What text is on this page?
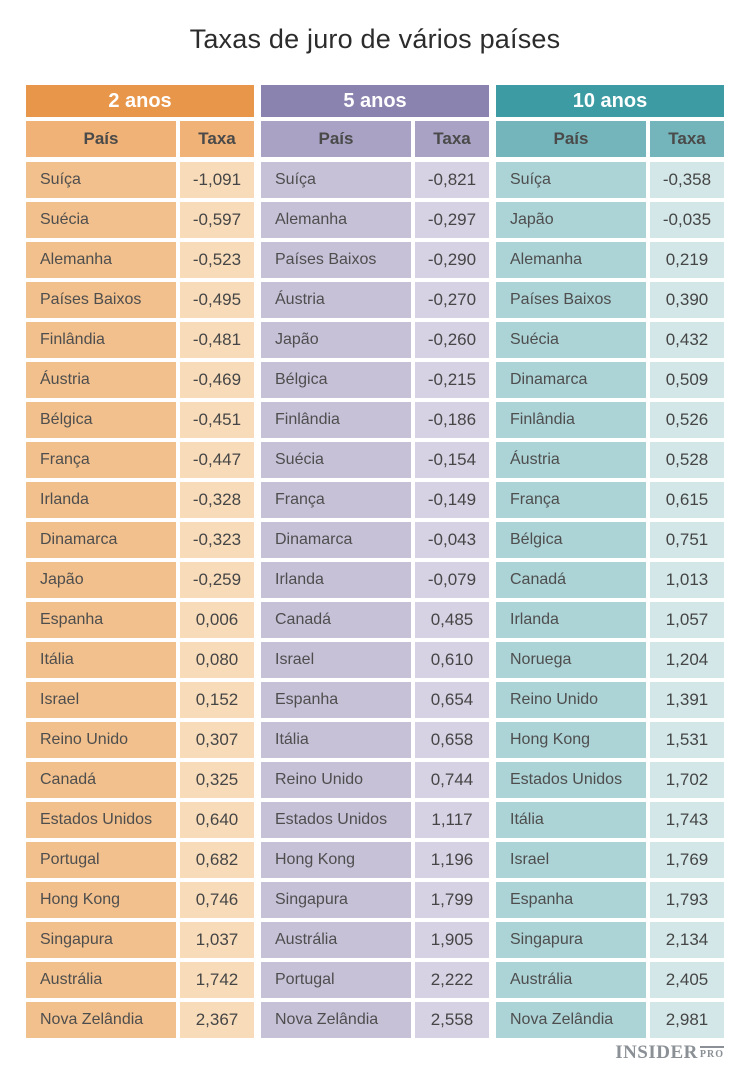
Taxas de juro de vários países
2 anos
País	Taxa
Suíça	-1,091
Suécia	-0,597
Alemanha	-0,523
Países Baixos	-0,495
Finlândia	-0,481
Áustria	-0,469
Bélgica	-0,451
França	-0,447
Irlanda	-0,328
Dinamarca	-0,323
Japão	-0,259
Espanha	0,006
Itália	0,080
Israel	0,152
Reino Unido	0,307
Canadá	0,325
Estados Unidos	0,640
Portugal	0,682
Hong Kong	0,746
Singapura	1,037
Austrália	1,742
Nova Zelândia	2,367
5 anos
País	Taxa
Suíça	-0,821
Alemanha	-0,297
Países Baixos	-0,290
Áustria	-0,270
Japão	-0,260
Bélgica	-0,215
Finlândia	-0,186
Suécia	-0,154
França	-0,149
Dinamarca	-0,043
Irlanda	-0,079
Canadá	0,485
Israel	0,610
Espanha	0,654
Itália	0,658
Reino Unido	0,744
Estados Unidos	1,117
Hong Kong	1,196
Singapura	1,799
Austrália	1,905
Portugal	2,222
Nova Zelândia	2,558
10 anos
País	Taxa
Suíça	-0,358
Japão	-0,035
Alemanha	0,219
Países Baixos	0,390
Suécia	0,432
Dinamarca	0,509
Finlândia	0,526
Áustria	0,528
França	0,615
Bélgica	0,751
Canadá	1,013
Irlanda	1,057
Noruega	1,204
Reino Unido	1,391
Hong Kong	1,531
Estados Unidos	1,702
Itália	1,743
Israel	1,769
Espanha	1,793
Singapura	2,134
Austrália	2,405
Nova Zelândia	2,981
INSIDER PRO
